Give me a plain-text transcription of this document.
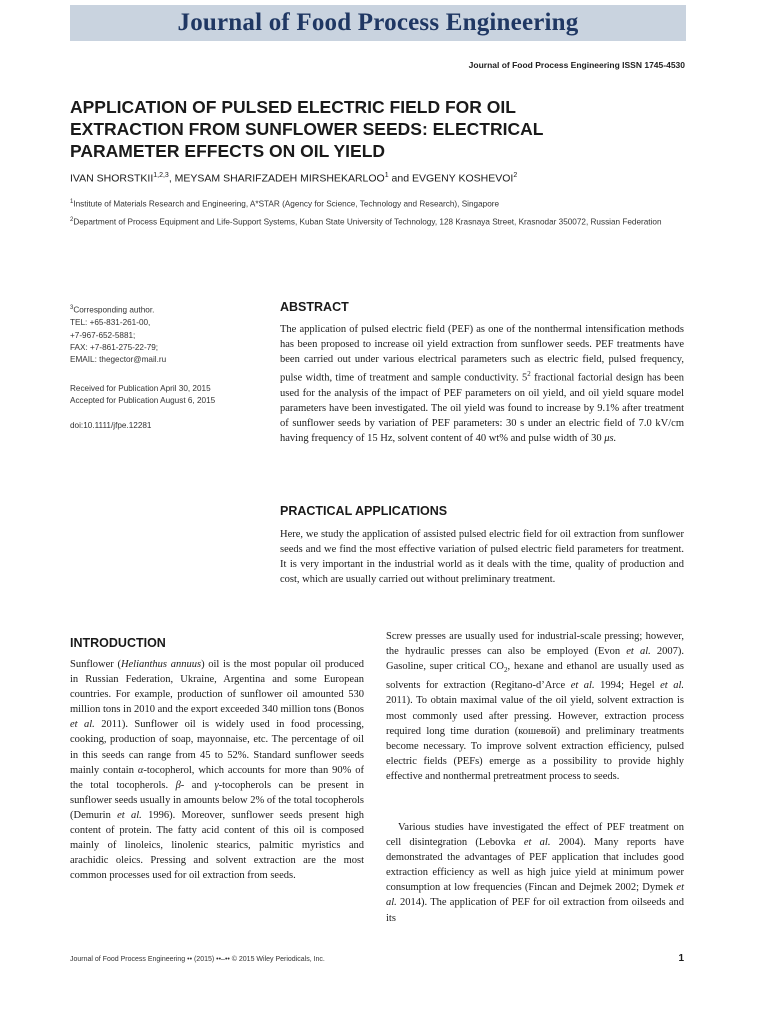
Journal of Food Process Engineering
Journal of Food Process Engineering ISSN 1745-4530
APPLICATION OF PULSED ELECTRIC FIELD FOR OIL
EXTRACTION FROM SUNFLOWER SEEDS: ELECTRICAL
PARAMETER EFFECTS ON OIL YIELD
IVAN SHORSTKII$^{1,2,3}$, MEYSAM SHARIFZADEH MIRSHEKARLOO$^1$ and EVGENY KOSHEVOI$^2$

$^1$Institute of Materials Research and Engineering, A*STAR (Agency for Science, Technology and Research), Singapore

$^2$Department of Process Equipment and Life-Support Systems, Kuban State University of Technology, 128 Krasnaya Street, Krasnodar 350072, Russian Federation

$^3$Corresponding author.
TEL: +65-831-261-00,
+7-967-652-5881;
FAX: +7-861-275-22-79;
EMAIL: thegector@mail.ru
Received for Publication April 30, 2015
Accepted for Publication August 6, 2015
doi:10.1111/jfpe.12281
ABSTRACT

The application of pulsed electric field (PEF) as one of the nonthermal intensification methods has been proposed to increase oil yield extraction from sunflower seeds. PEF treatments have been carried out under various electrical parameters such as electric field, pulsed frequency, pulse width, time of treatment and sample conductivity. $5^2$ fractional factorial design has been used for the analysis of the impact of PEF parameters on oil yield, and oil yield square model parameters have been investigated. The oil yield was found to increase by 9.1% after treatment of sunflower seeds by variation of PEF parameters: 30 s under an electric field of 7.0 kV/cm having frequency of 15 Hz, solvent content of 40 wt% and pulse width of 30 μs.

PRACTICAL APPLICATIONS

Here, we study the application of assisted pulsed electric field for oil extraction from sunflower seeds and we find the most effective variation of pulsed electric field parameters for treatment. It is very important in the industrial world as it deals with the time, quality of production and cost, which are usually carried out without preliminary treatment.

INTRODUCTION

Sunflower (Helianthus annuus) oil is the most popular oil produced in Russian Federation, Ukraine, Argentina and some European countries. For example, production of sunflower oil amounted 530 million tons in 2010 and the export exceeded 340 million tons (Bonos et al. 2011). Sunflower oil is widely used in food processing, cooking, production of soap, mayonnaise, etc. The percentage of oil in this seeds can range from 45 to 52%. Standard sunflower seeds mainly contain α-tocopherol, which accounts for more than 90% of the total tocopherols. β- and γ-tocopherols can be present in sunflower seeds usually in amounts below 2% of the total tocopherols (Demurin et al. 1996). Moreover, sunflower seeds present high content of protein. The fatty acid content of this oil is composed mainly of linoleics, linolenic stearics, palmitic myristics and arachidic oleics. Pressing and solvent extraction are the most common processes used for oil extraction from seeds.

Screw presses are usually used for industrial-scale pressing; however, the hydraulic presses can also be employed (Evon et al. 2007). Gasoline, super critical $CO_2$, hexane and ethanol are usually used as solvents for extraction (Regitano-d’Arce et al. 1994; Hegel et al. 2011). To obtain maximal value of the oil yield, solvent extraction is most commonly used after pressing. However, extraction process required long time duration (кошевой) and preliminary treatments become necessary. To improve solvent extraction efficiency, pulsed electric fields (PEFs) emerge as a possibility to provide highly effective and nonthermal pretreatment process to seeds.

Various studies have investigated the effect of PEF treatment on cell disintegration (Lebovka et al. 2004). Many reports have demonstrated the advantages of PEF application that includes good extraction efficiency as well as high juice yield at minimum power consumption at low frequencies (Fincan and Dejmek 2002; Dymek et al. 2014). The application of PEF for oil extraction from oilseeds and its

Journal of Food Process Engineering •• (2015) ••–•• © 2015 Wiley Periodicals, Inc.	1
